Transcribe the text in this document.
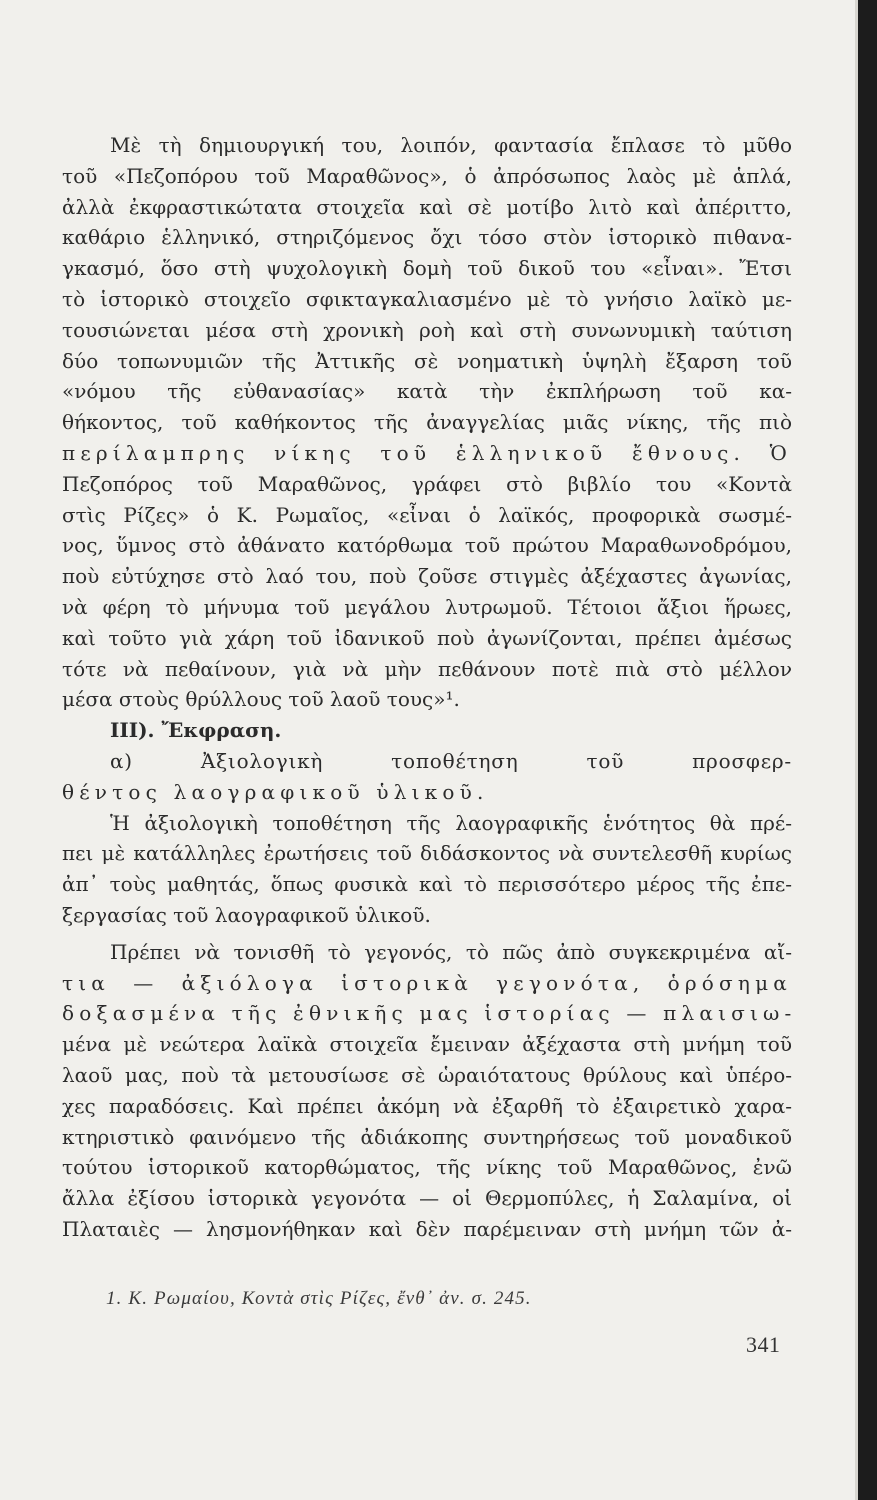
Μὲ τὴ δημιουργική του, λοιπόν, φαντασία ἔπλασε τὸ μῦθο
τοῦ «Πεζοπόρου τοῦ Μαραθῶνος», ὁ ἀπρόσωπος λαὸς μὲ ἁπλά,
ἀλλὰ ἐκφραστικώτατα στοιχεῖα καὶ σὲ μοτίβο λιτὸ καὶ ἀπέριττο,
καθάριο ἑλληνικό, στηριζόμενος ὄχι τόσο στὸν ἱστορικὸ πιθανα-
γκασμό, ὅσο στὴ ψυχολογικὴ δομὴ τοῦ δικοῦ του «εἶναι». Ἔτσι
τὸ ἱστορικὸ στοιχεῖο σφικταγκαλιασμένο μὲ τὸ γνήσιο λαϊκὸ με-
τουσιώνεται μέσα στὴ χρονικὴ ροὴ καὶ στὴ συνωνυμικὴ ταύτιση
δύο τοπωνυμιῶν τῆς Ἀττικῆς σὲ νοηματικὴ ὑψηλὴ ἔξαρση τοῦ
«νόμου τῆς εὐθανασίας» κατὰ τὴν ἐκπλήρωση τοῦ κα-
θήκοντος, τοῦ καθήκοντος τῆς ἀναγγελίας μιᾶς νίκης, τῆς πιὸ
περίλαμπρης νίκης τοῦ ἑλληνικοῦ ἔθνους. Ὁ
Πεζοπόρος τοῦ Μαραθῶνος, γράφει στὸ βιβλίο του «Κοντὰ
στὶς Ρίζες» ὁ Κ. Ρωμαῖος, «εἶναι ὁ λαϊκός, προφορικὰ σωσμέ-
νος, ὕμνος στὸ ἀθάνατο κατόρθωμα τοῦ πρώτου Μαραθωνοδρόμου,
ποὺ εὐτύχησε στὸ λαό του, ποὺ ζοῦσε στιγμὲς ἀξέχαστες ἀγωνίας,
νὰ φέρη τὸ μήνυμα τοῦ μεγάλου λυτρωμοῦ. Τέτοιοι ἄξιοι ἥρωες,
καὶ τοῦτο γιὰ χάρη τοῦ ἰδανικοῦ ποὺ ἀγωνίζονται, πρέπει ἀμέσως
τότε νὰ πεθαίνουν, γιὰ νὰ μὴν πεθάνουν ποτὲ πιὰ στὸ μέλλον
μέσα στοὺς θρύλλους τοῦ λαοῦ τους»¹.
III). Ἔκφραση.
α) Ἀξιολογικὴ τοποθέτηση τοῦ προσφερ-
θέντος λαογραφικοῦ ὑλικοῦ.
Ἡ ἀξιολογικὴ τοποθέτηση τῆς λαογραφικῆς ἑνότητος θὰ πρέ-
πει μὲ κατάλληλες ἐρωτήσεις τοῦ διδάσκοντος νὰ συντελεσθῆ κυρίως
ἀπ᾽ τοὺς μαθητάς, ὅπως φυσικὰ καὶ τὸ περισσότερο μέρος τῆς ἐπε-
ξεργασίας τοῦ λαογραφικοῦ ὑλικοῦ.
Πρέπει νὰ τονισθῆ τὸ γεγονός, τὸ πῶς ἀπὸ συγκεκριμένα αἴ-
τια — ἀξιόλογα ἱστορικὰ γεγονότα, ὁρόσημα
δοξασμένα τῆς ἐθνικῆς μας ἱστορίας — πλαισιω-
μένα μὲ νεώτερα λαϊκὰ στοιχεῖα ἔμειναν ἀξέχαστα στὴ μνήμη τοῦ
λαοῦ μας, ποὺ τὰ μετουσίωσε σὲ ὡραιότατους θρύλους καὶ ὑπέρο-
χες παραδόσεις. Καὶ πρέπει ἀκόμη νὰ ἐξαρθῆ τὸ ἐξαιρετικὸ χαρα-
κτηριστικὸ φαινόμενο τῆς ἀδιάκοπης συντηρήσεως τοῦ μοναδικοῦ
τούτου ἱστορικοῦ κατορθώματος, τῆς νίκης τοῦ Μαραθῶνος, ἐνῶ
ἄλλα ἐξίσου ἱστορικὰ γεγονότα — οἱ Θερμοπύλες, ἡ Σαλαμίνα, οἱ
Πλαταιὲς — λησμονήθηκαν καὶ δὲν παρέμειναν στὴ μνήμη τῶν ἀ-
1. Κ. Ρωμαίου, Κοντὰ στὶς Ρίζες, ἔνθ᾽ ἀν. σ. 245.
341
